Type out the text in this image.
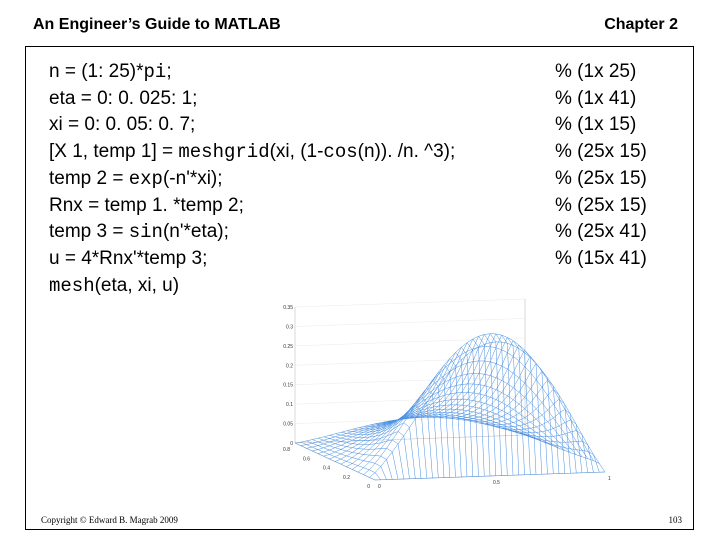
An Engineer’s Guide to MATLAB	Chapter 2
n = (1: 25)*pi;
eta = 0: 0. 025: 1;
xi = 0: 0. 05: 0. 7;
[X 1, temp 1] = meshgrid(xi, (1-cos(n)). /n. ^3);
temp 2 = exp(-n'*xi);
Rnx = temp 1. *temp 2;
temp 3 = sin(n'*eta);
u = 4*Rnx'*temp 3;
mesh(eta, xi, u)
% (1x 25)
% (1x 41)
% (1x 15)
% (25x 15)
% (25x 15)
% (25x 15)
% (25x 41)
% (15x 41)
0.35
0.3
0.25
0.2
0.15
0.1
0.05
0
0.8
0.6
0.4
0.2
0 0
0.5
1
Copyright © Edward B. Magrab 2009	103
